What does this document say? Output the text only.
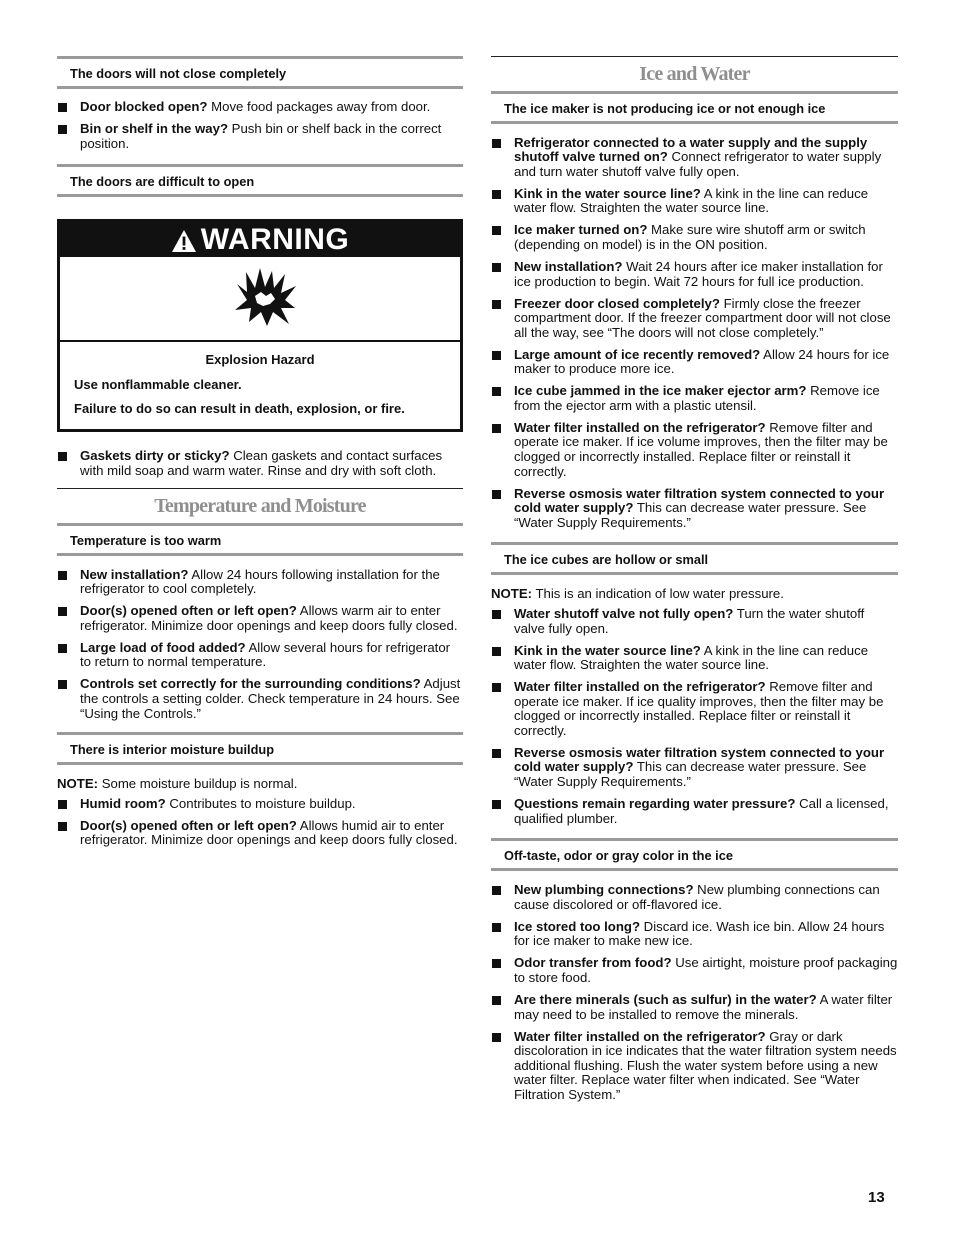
The doors will not close completely
Door blocked open? Move food packages away from door.
Bin or shelf in the way? Push bin or shelf back in the correct position.
The doors are difficult to open
WARNING
Explosion Hazard

Use nonflammable cleaner.

Failure to do so can result in death, explosion, or fire.

Gaskets dirty or sticky? Clean gaskets and contact surfaces with mild soap and warm water. Rinse and dry with soft cloth.
Temperature and Moisture
Temperature is too warm
New installation? Allow 24 hours following installation for the refrigerator to cool completely.
Door(s) opened often or left open? Allows warm air to enter refrigerator. Minimize door openings and keep doors fully closed.
Large load of food added? Allow several hours for refrigerator to return to normal temperature.
Controls set correctly for the surrounding conditions? Adjust the controls a setting colder. Check temperature in 24 hours. See “Using the Controls.”
There is interior moisture buildup

NOTE: Some moisture buildup is normal.

Humid room? Contributes to moisture buildup.
Door(s) opened often or left open? Allows humid air to enter refrigerator. Minimize door openings and keep doors fully closed.
Ice and Water
The ice maker is not producing ice or not enough ice
Refrigerator connected to a water supply and the supply shutoff valve turned on? Connect refrigerator to water supply and turn water shutoff valve fully open.
Kink in the water source line? A kink in the line can reduce water flow. Straighten the water source line.
Ice maker turned on? Make sure wire shutoff arm or switch (depending on model) is in the ON position.
New installation? Wait 24 hours after ice maker installation for ice production to begin. Wait 72 hours for full ice production.
Freezer door closed completely? Firmly close the freezer compartment door. If the freezer compartment door will not close all the way, see “The doors will not close completely.”
Large amount of ice recently removed? Allow 24 hours for ice maker to produce more ice.
Ice cube jammed in the ice maker ejector arm? Remove ice from the ejector arm with a plastic utensil.
Water filter installed on the refrigerator? Remove filter and operate ice maker. If ice volume improves, then the filter may be clogged or incorrectly installed. Replace filter or reinstall it correctly.
Reverse osmosis water filtration system connected to your cold water supply? This can decrease water pressure. See “Water Supply Requirements.”
The ice cubes are hollow or small

NOTE: This is an indication of low water pressure.

Water shutoff valve not fully open? Turn the water shutoff valve fully open.
Kink in the water source line? A kink in the line can reduce water flow. Straighten the water source line.
Water filter installed on the refrigerator? Remove filter and operate ice maker. If ice quality improves, then the filter may be clogged or incorrectly installed. Replace filter or reinstall it correctly.
Reverse osmosis water filtration system connected to your cold water supply? This can decrease water pressure. See “Water Supply Requirements.”
Questions remain regarding water pressure? Call a licensed, qualified plumber.
Off-taste, odor or gray color in the ice
New plumbing connections? New plumbing connections can cause discolored or off-flavored ice.
Ice stored too long? Discard ice. Wash ice bin. Allow 24 hours for ice maker to make new ice.
Odor transfer from food? Use airtight, moisture proof packaging to store food.
Are there minerals (such as sulfur) in the water? A water filter may need to be installed to remove the minerals.
Water filter installed on the refrigerator? Gray or dark discoloration in ice indicates that the water filtration system needs additional flushing. Flush the water system before using a new water filter. Replace water filter when indicated. See “Water Filtration System.”
13
